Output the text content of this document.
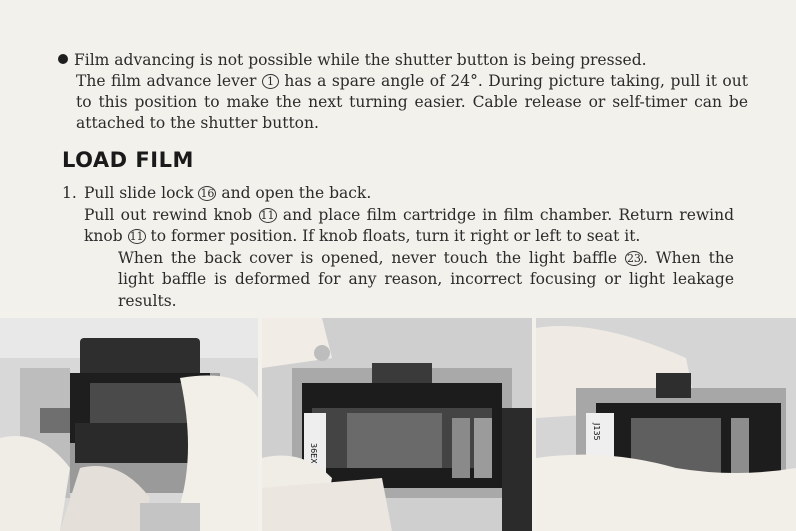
Film advancing is not possible while the shutter button is being pressed.
The film advance lever 1 has a spare angle of 24°. During picture taking, pull it out to this position to make the next turning easier. Cable release or self-timer can be attached to the shutter button.
LOAD FILM
1. Pull slide lock 16 and open the back.
Pull out rewind knob 11 and place film cartridge in film chamber. Return rewind knob 11 to former position. If knob floats, turn it right or left to seat it.
When the back cover is opened, never touch the light baffle 23 . When the light baffle is deformed for any reason, incorrect focusing or light leakage results.
36EX
J135
